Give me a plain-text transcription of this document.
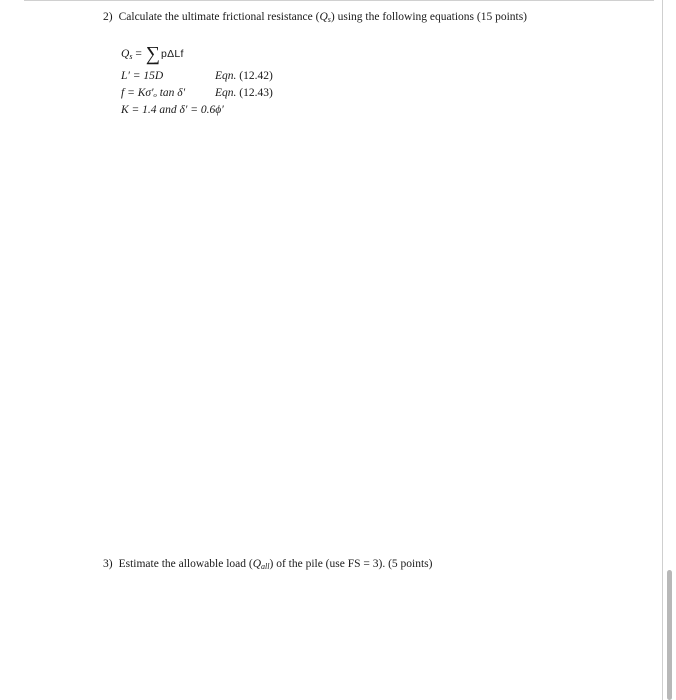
2) Calculate the ultimate frictional resistance $(Q_s)$ using the following equations (15 points)
$Q_s = \sum p\Delta Lf$
L′ = 15D	Eqn. (12.42)
f = Kσ′ₒ tan δ′	Eqn. (12.43)
K = 1.4 and δ′ = 0.6ϕ′
3) Estimate the allowable load $(Q_{all})$ of the pile (use FS = 3). (5 points)
